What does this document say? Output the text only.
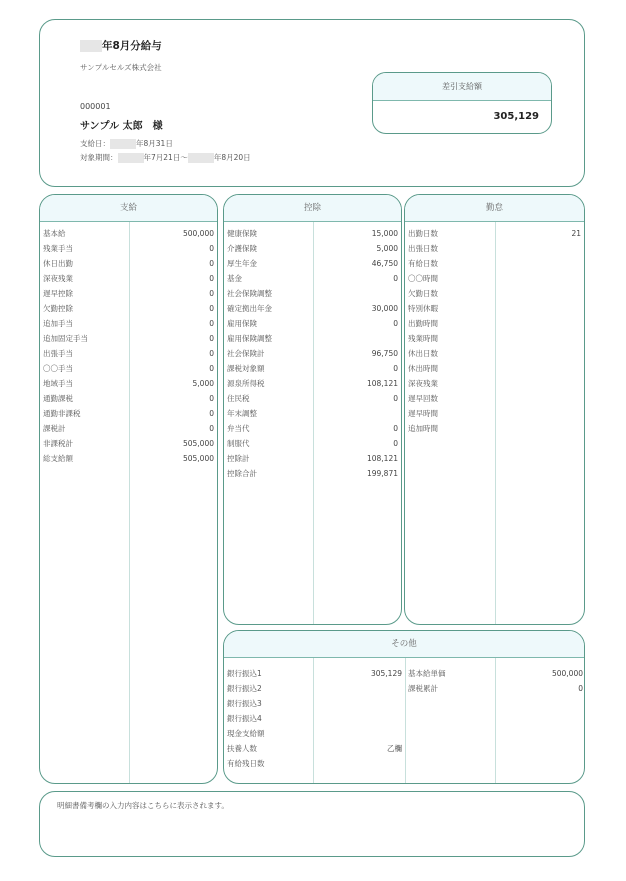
年8月分給与
サンプルセルズ株式会社
000001
サンプル 太郎　様
支給日：	年8月31日
対象期間：	年7月21日～	年8月20日
差引支給額
305,129
支給
基本給	500,000
残業手当	0
休日出勤	0
深夜残業	0
遅早控除	0
欠勤控除	0
追加手当	0
追加固定手当	0
出張手当	0
〇〇手当	0
地域手当	5,000
通勤課税	0
通勤非課税	0
課税計	0
非課税計	505,000
総支給額	505,000
控除
健康保険	15,000
介護保険	5,000
厚生年金	46,750
基金	0
社会保険調整
確定拠出年金	30,000
雇用保険	0
雇用保険調整
社会保険計	96,750
課税対象額	0
源泉所得税	108,121
住民税	0
年末調整
弁当代	0
制服代	0
控除計	108,121
控除合計	199,871
勤怠
出勤日数	21
出張日数
有給日数
〇〇時間
欠勤日数
特別休暇
出勤時間
残業時間
休出日数
休出時間
深夜残業
遅早回数
遅早時間
追加時間
その他
銀行振込1	305,129
銀行振込2
銀行振込3
銀行振込4
現金支給額
扶養人数	乙欄
有給残日数
基本給単価	500,000
課税累計	0
明細書備考欄の入力内容はこちらに表示されます。
